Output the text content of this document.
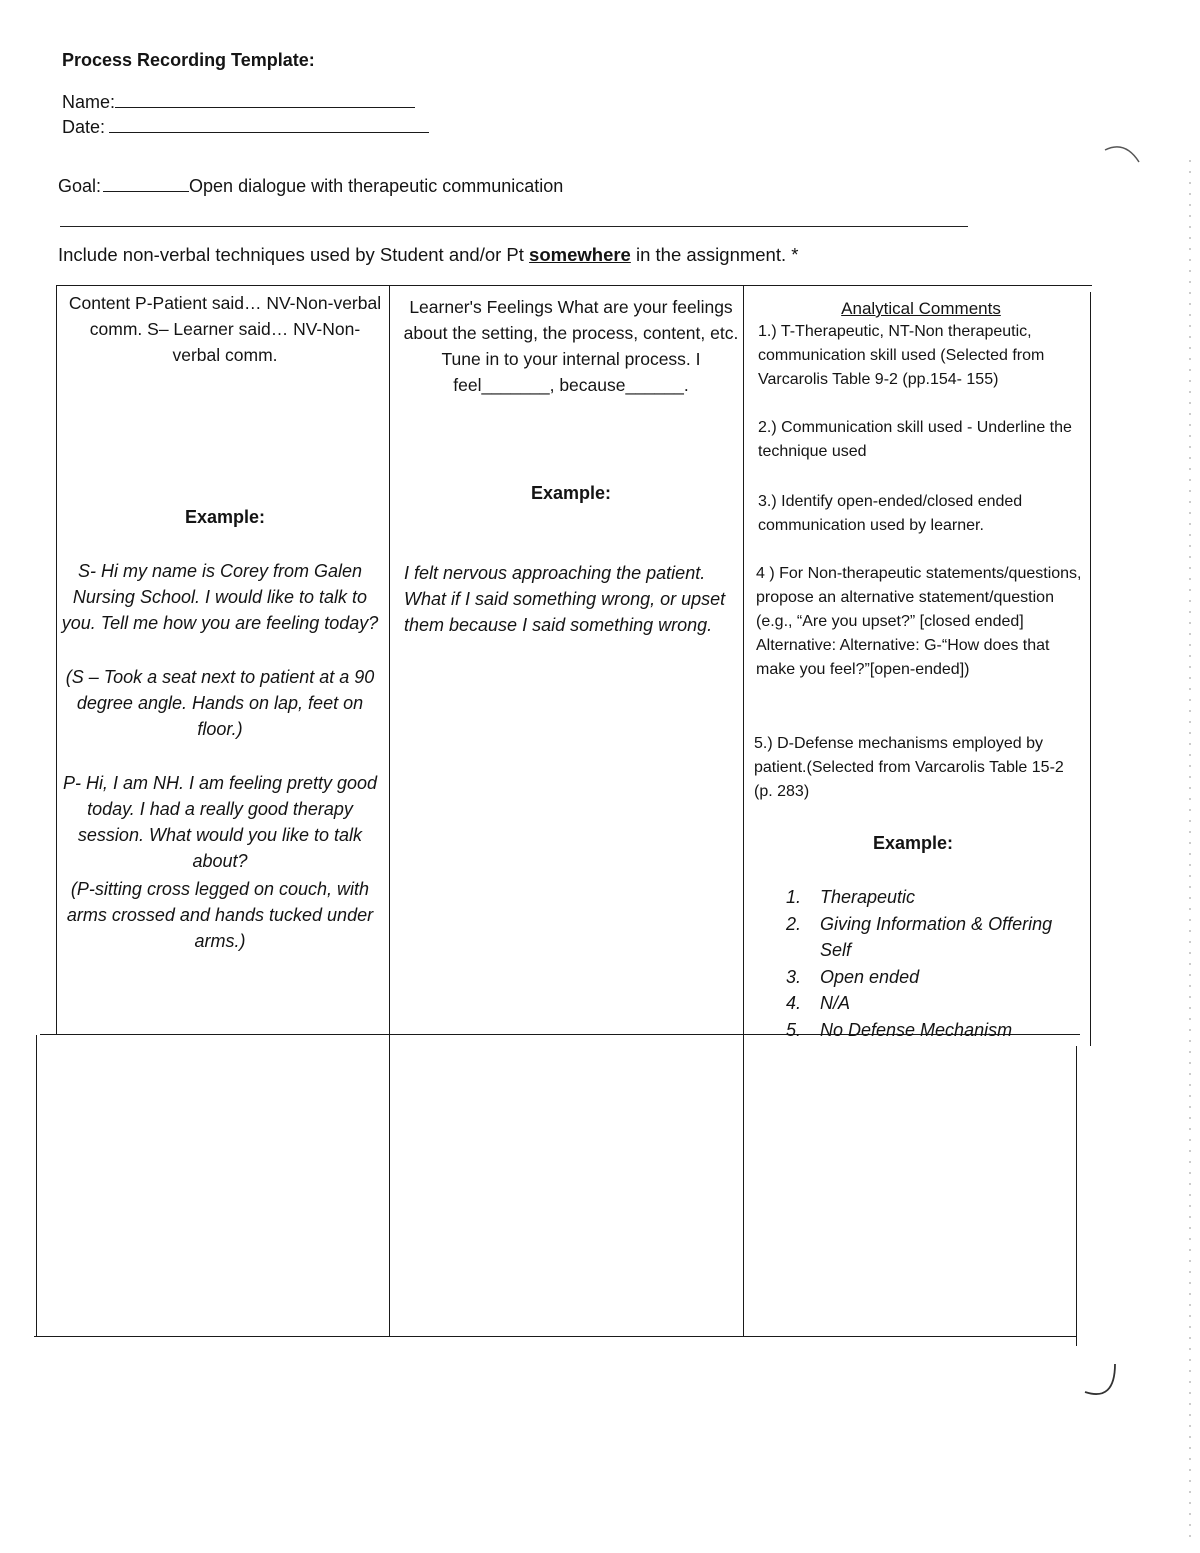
Process Recording Template:
Name:
Date:
Goal:	Open dialogue with therapeutic communication
Include non-verbal techniques used by Student and/or Pt somewhere in the assignment. *
Content P-Patient said… NV-Non-verbal comm. S– Learner said… NV-Non-verbal comm.
Example:
S- Hi my name is Corey from Galen Nursing School. I would like to talk to you. Tell me how you are feeling today?
(S – Took a seat next to patient at a 90 degree angle. Hands on lap, feet on floor.)
P- Hi, I am NH. I am feeling pretty good today. I had a really good therapy session. What would you like to talk about?
(P-sitting cross legged on couch, with arms crossed and hands tucked under arms.)
Learner's Feelings What are your feelings about the setting, the process, content, etc. Tune in to your internal process. I feel_______, because______.
Example:
I felt nervous approaching the patient. What if I said something wrong, or upset them because I said something wrong.
Analytical Comments
1.) T-Therapeutic, NT-Non therapeutic, communication skill used (Selected from Varcarolis Table 9-2 (pp.154- 155)
2.) Communication skill used - Underline the technique used
3.) Identify open-ended/closed ended communication used by learner.
4 ) For Non-therapeutic statements/questions, propose an alternative statement/question (e.g., “Are you upset?” [closed ended] Alternative: Alternative: G-“How does that make you feel?”[open-ended])
5.) D-Defense mechanisms employed by patient.(Selected from Varcarolis Table 15-2 (p. 283)
Example:
1.	Therapeutic
2.	Giving Information & Offering Self
3.	Open ended
4.	N/A
5.	No Defense Mechanism
